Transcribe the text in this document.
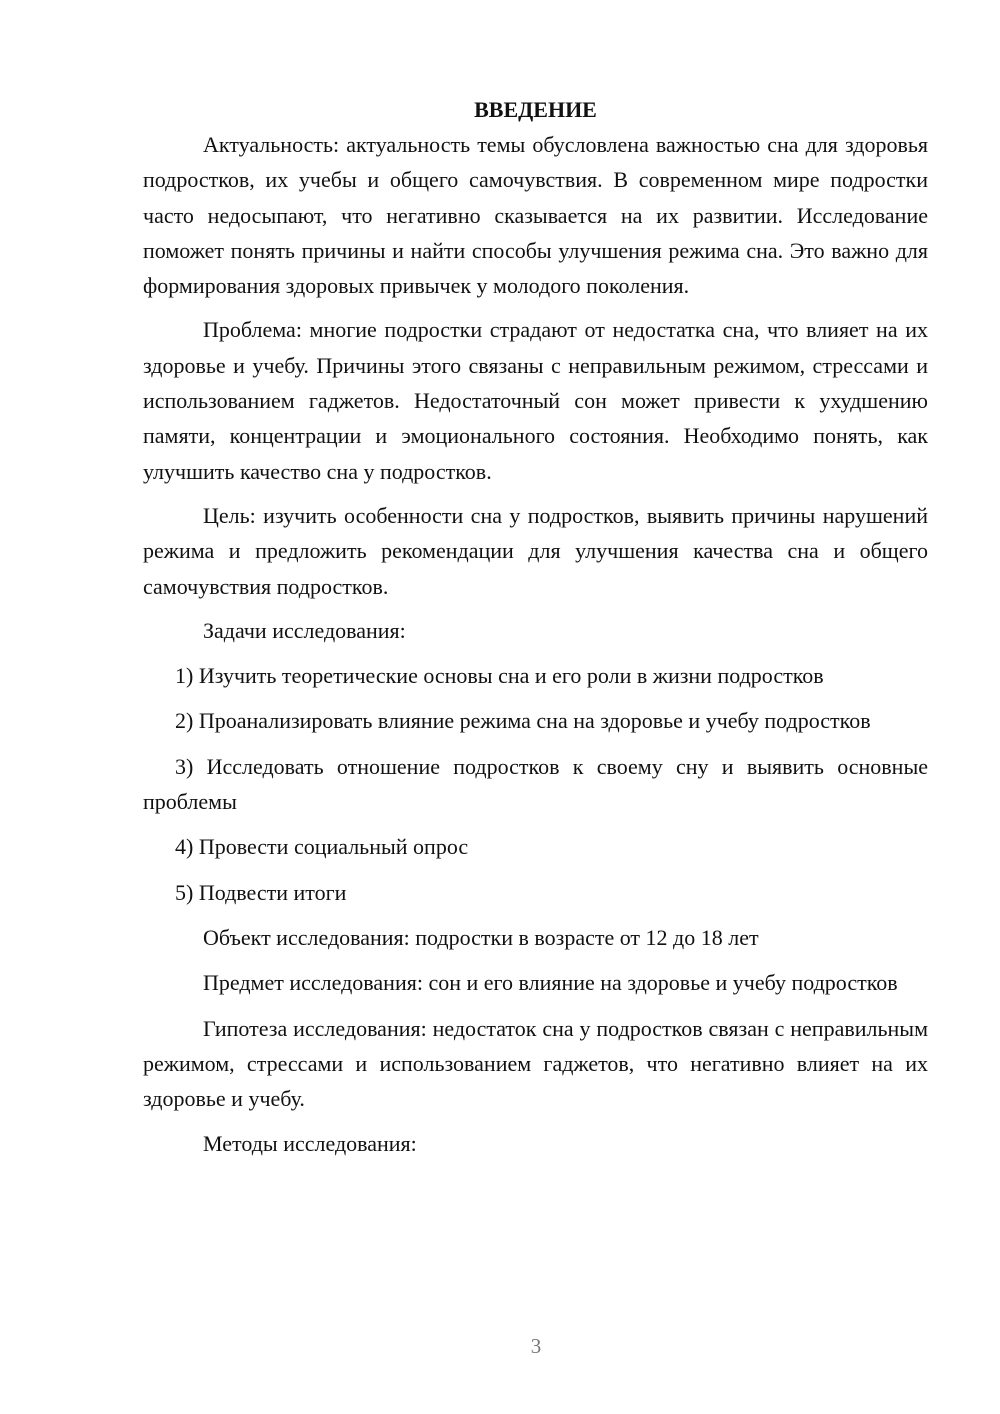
ВВЕДЕНИЕ
Актуальность: актуальность темы обусловлена важностью сна для здоровья подростков, их учебы и общего самочувствия. В современном мире подростки часто недосыпают, что негативно сказывается на их развитии. Исследование поможет понять причины и найти способы улучшения режима сна. Это важно для формирования здоровых привычек у молодого поколения.
Проблема: многие подростки страдают от недостатка сна, что влияет на их здоровье и учебу. Причины этого связаны с неправильным режимом, стрессами и использованием гаджетов. Недостаточный сон может привести к ухудшению памяти, концентрации и эмоционального состояния. Необходимо понять, как улучшить качество сна у подростков.
Цель: изучить особенности сна у подростков, выявить причины нарушений режима и предложить рекомендации для улучшения качества сна и общего самочувствия подростков.
Задачи исследования:
1) Изучить теоретические основы сна и его роли в жизни подростков
2) Проанализировать влияние режима сна на здоровье и учебу подростков
3) Исследовать отношение подростков к своему сну и выявить основные проблемы
4) Провести социальный опрос
5) Подвести итоги
Объект исследования: подростки в возрасте от 12 до 18 лет
Предмет исследования: сон и его влияние на здоровье и учебу подростков
Гипотеза исследования: недостаток сна у подростков связан с неправильным режимом, стрессами и использованием гаджетов, что негативно влияет на их здоровье и учебу.
Методы исследования:
3
